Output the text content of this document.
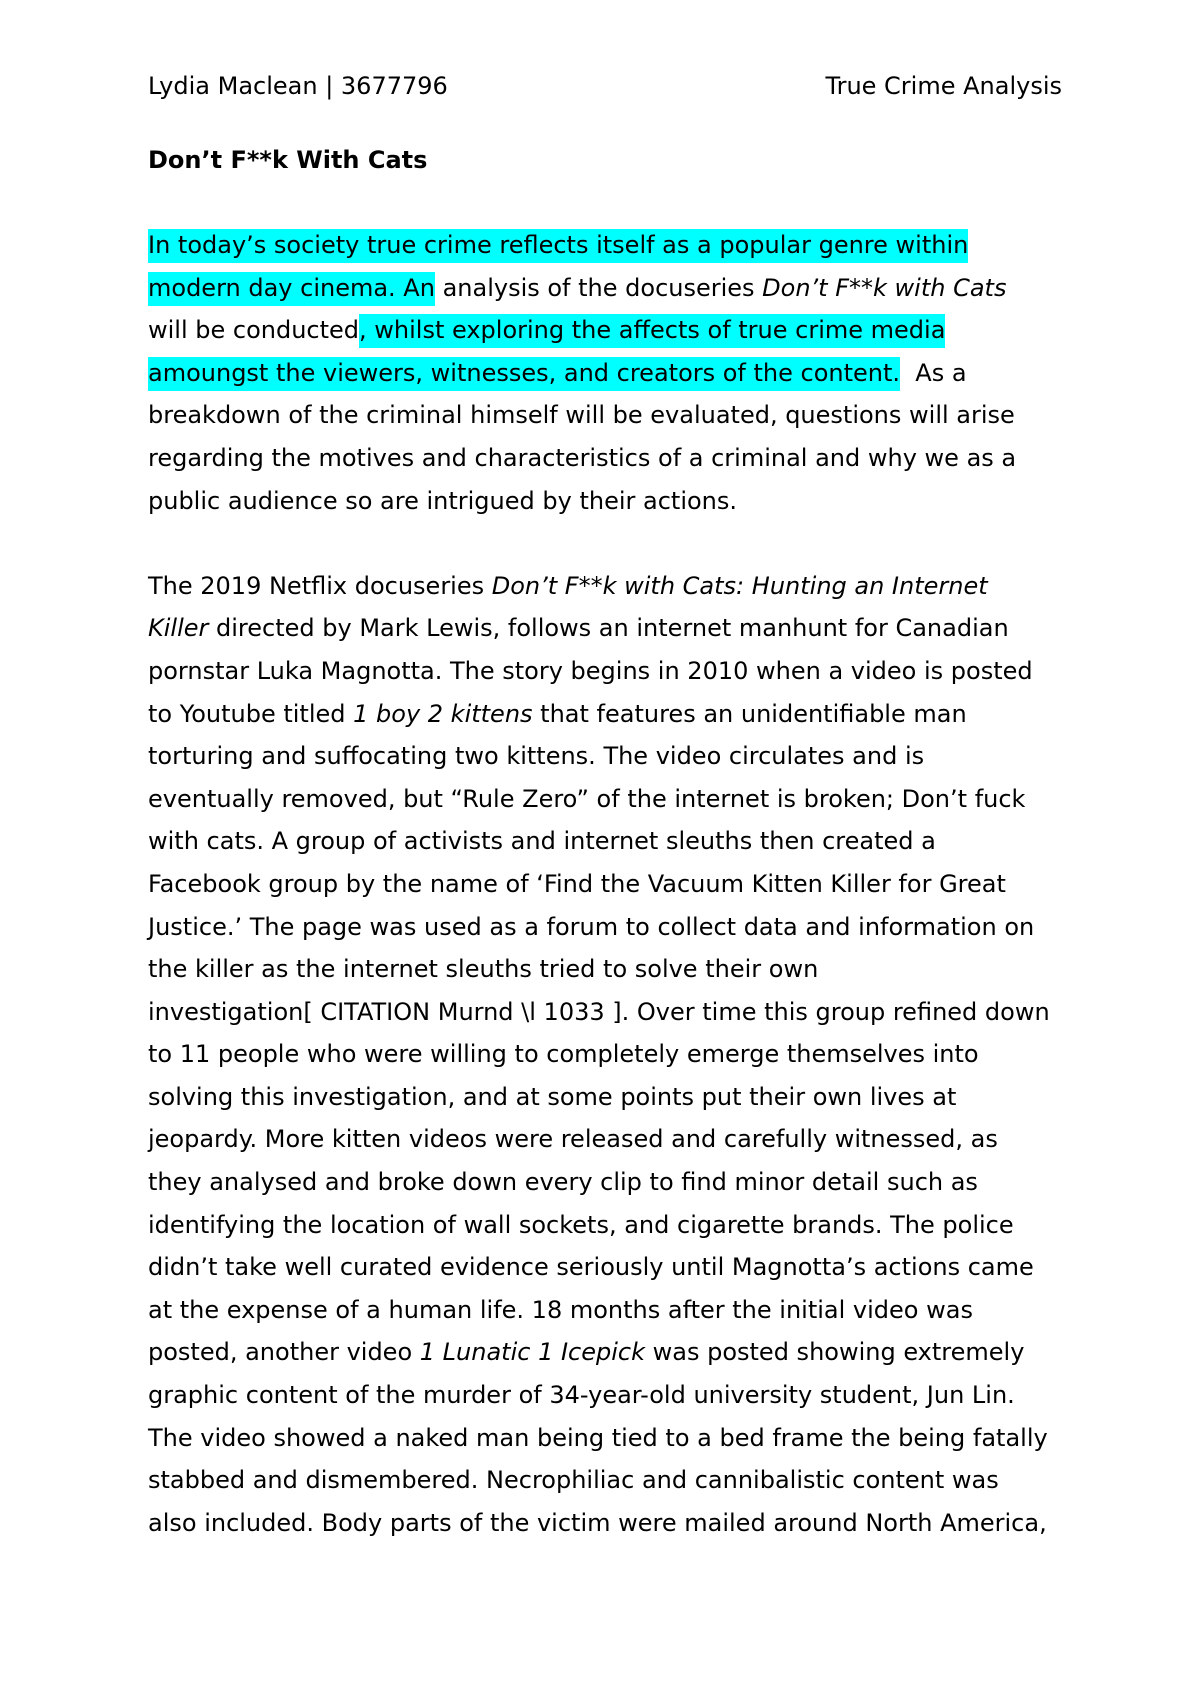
Lydia Maclean | 3677796	True Crime Analysis
Don’t F**k With Cats
In today’s society true crime reflects itself as a popular genre within
modern day cinema. An analysis of the docuseries Don’t F**k with Cats
will be conducted, whilst exploring the affects of true crime media
amoungst the viewers, witnesses, and creators of the content.  As a
breakdown of the criminal himself will be evaluated, questions will arise
regarding the motives and characteristics of a criminal and why we as a
public audience so are intrigued by their actions.
The 2019 Netflix docuseries Don’t F**k with Cats: Hunting an Internet
Killer directed by Mark Lewis, follows an internet manhunt for Canadian
pornstar Luka Magnotta. The story begins in 2010 when a video is posted
to Youtube titled 1 boy 2 kittens that features an unidentifiable man
torturing and suffocating two kittens. The video circulates and is
eventually removed, but “Rule Zero” of the internet is broken; Don’t fuck
with cats. A group of activists and internet sleuths then created a
Facebook group by the name of ‘Find the Vacuum Kitten Killer for Great
Justice.’ The page was used as a forum to collect data and information on
the killer as the internet sleuths tried to solve their own
investigation[ CITATION Murnd \l 1033 ]. Over time this group refined down
to 11 people who were willing to completely emerge themselves into
solving this investigation, and at some points put their own lives at
jeopardy. More kitten videos were released and carefully witnessed, as
they analysed and broke down every clip to find minor detail such as
identifying the location of wall sockets, and cigarette brands. The police
didn’t take well curated evidence seriously until Magnotta’s actions came
at the expense of a human life. 18 months after the initial video was
posted, another video 1 Lunatic 1 Icepick was posted showing extremely
graphic content of the murder of 34-year-old university student, Jun Lin.
The video showed a naked man being tied to a bed frame the being fatally
stabbed and dismembered. Necrophiliac and cannibalistic content was
also included. Body parts of the victim were mailed around North America,
